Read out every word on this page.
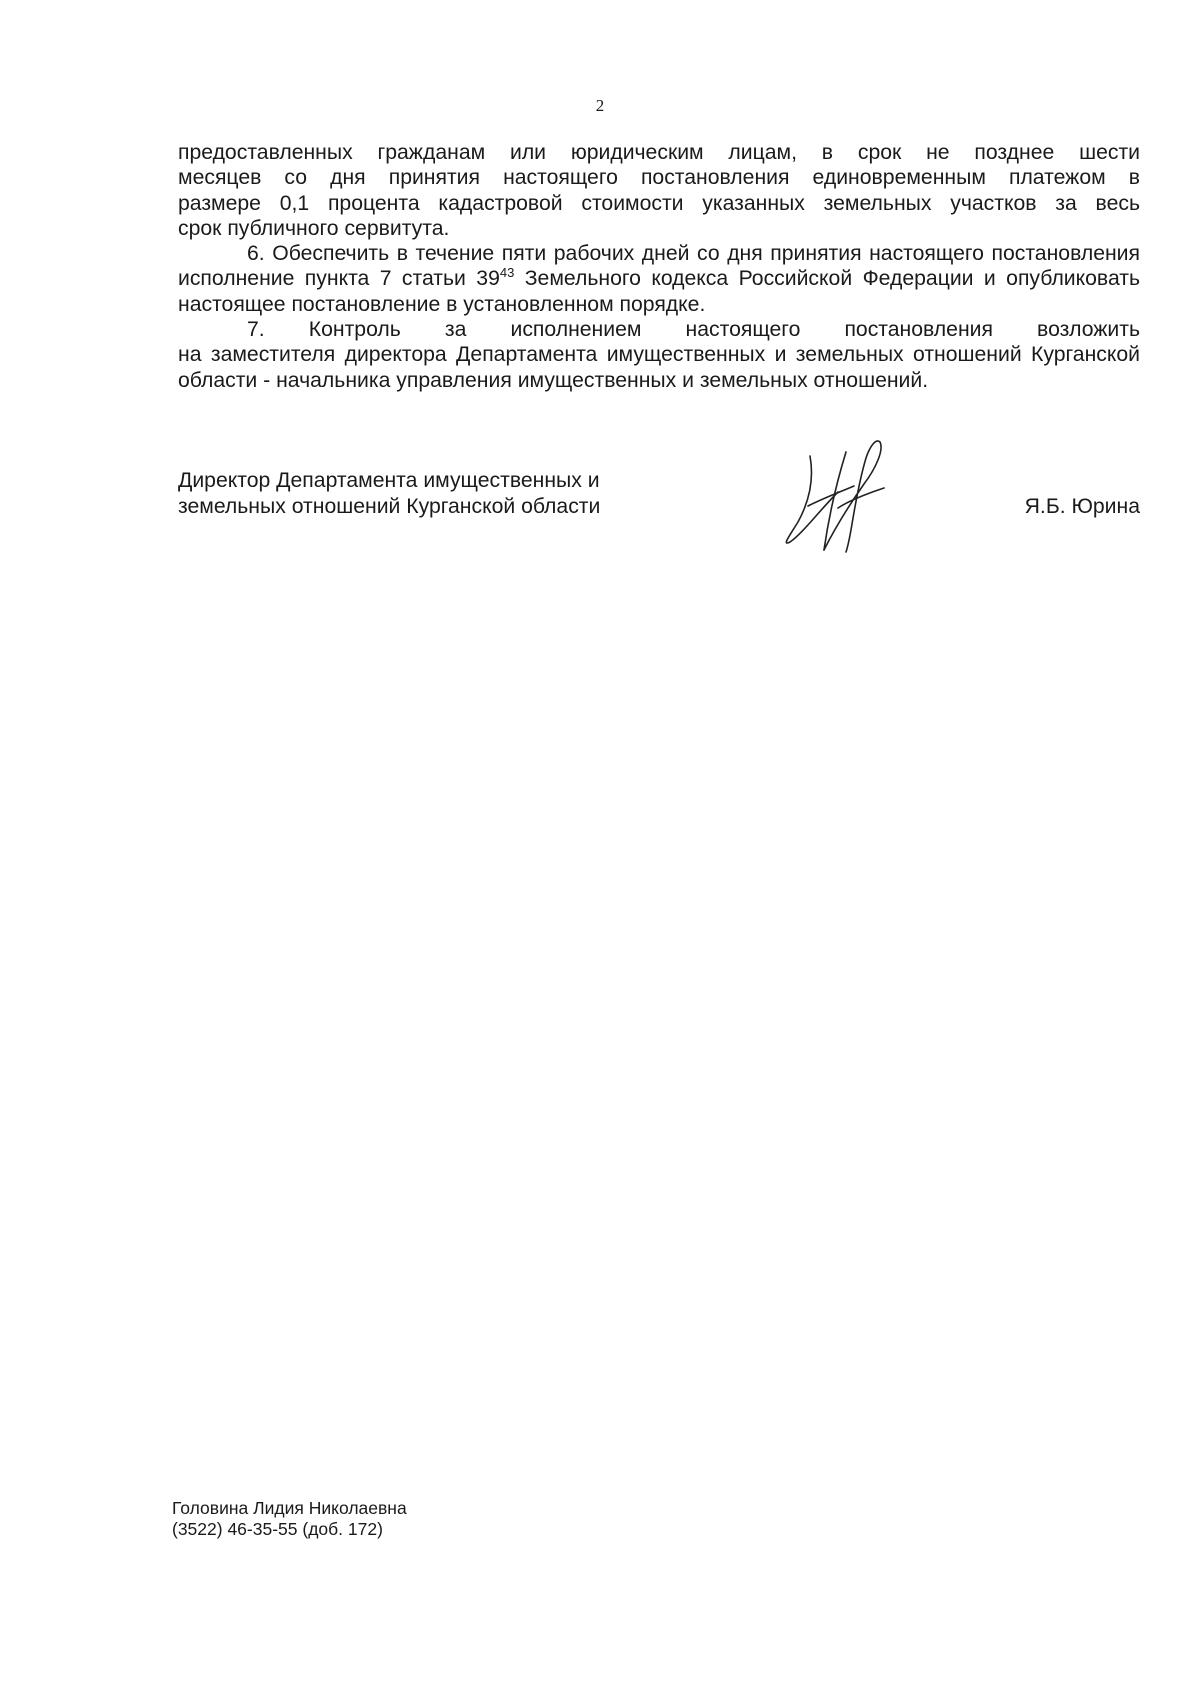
2

предоставленных гражданам или юридическим лицам, в срок не позднее шести

месяцев со дня принятия настоящего постановления единовременным платежом в

размере 0,1 процента кадастровой стоимости указанных земельных участков за весь

срок публичного сервитута.

6. Обеспечить в течение пяти рабочих дней со дня принятия настоящего постановления исполнение пункта 7 статьи $39^{43}$ Земельного кодекса Российской Федерации и опубликовать настоящее постановление в установленном порядке.

7. Контроль за исполнением настоящего постановления возложить

на заместителя директора Департамента имущественных и земельных отношений Курганской области - начальника управления имущественных и земельных отношений.

Директор Департамента имущественных и
земельных отношений Курганской области	Я.Б. Юрина
Головина Лидия Николаевна
(3522) 46-35-55 (доб. 172)
